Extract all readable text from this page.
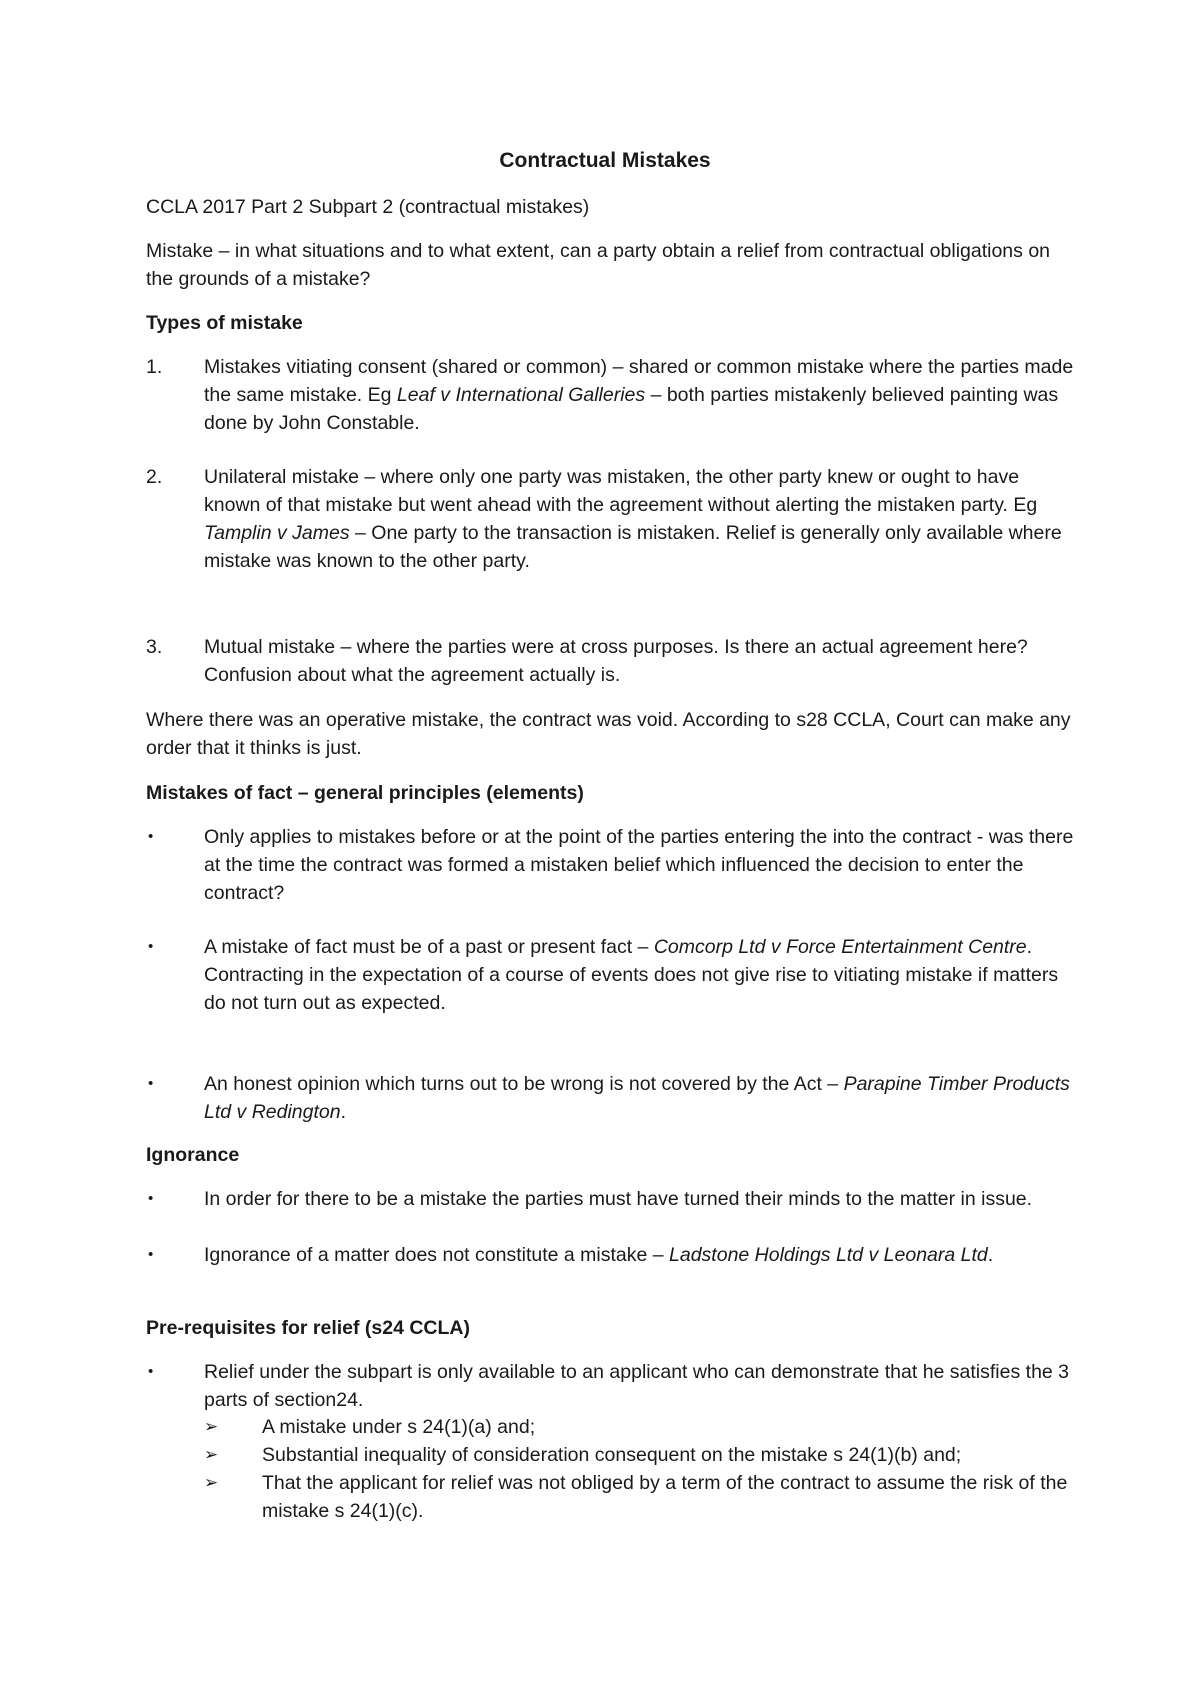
Contractual Mistakes
CCLA 2017 Part 2 Subpart 2 (contractual mistakes)
Mistake – in what situations and to what extent, can a party obtain a relief from contractual obligations on the grounds of a mistake?
Types of mistake
1.	Mistakes vitiating consent (shared or common) – shared or common mistake where the parties made the same mistake. Eg Leaf v International Galleries – both parties mistakenly believed painting was done by John Constable.
2.	Unilateral mistake – where only one party was mistaken, the other party knew or ought to have known of that mistake but went ahead with the agreement without alerting the mistaken party. Eg Tamplin v James – One party to the transaction is mistaken. Relief is generally only available where mistake was known to the other party.
3.	Mutual mistake – where the parties were at cross purposes. Is there an actual agreement here? Confusion about what the agreement actually is.
Where there was an operative mistake, the contract was void. According to s28 CCLA, Court can make any order that it thinks is just.
Mistakes of fact – general principles (elements)
•	Only applies to mistakes before or at the point of the parties entering the into the contract - was there at the time the contract was formed a mistaken belief which influenced the decision to enter the contract?
•	A mistake of fact must be of a past or present fact – Comcorp Ltd v Force Entertainment Centre. Contracting in the expectation of a course of events does not give rise to vitiating mistake if matters do not turn out as expected.
•	An honest opinion which turns out to be wrong is not covered by the Act – Parapine Timber Products Ltd v Redington.
Ignorance
•	In order for there to be a mistake the parties must have turned their minds to the matter in issue.
•	Ignorance of a matter does not constitute a mistake – Ladstone Holdings Ltd v Leonara Ltd.
Pre-requisites for relief (s24 CCLA)
•	Relief under the subpart is only available to an applicant who can demonstrate that he satisfies the 3 parts of section24.
➢	A mistake under s 24(1)(a) and;
➢	Substantial inequality of consideration consequent on the mistake s 24(1)(b) and;
➢	That the applicant for relief was not obliged by a term of the contract to assume the risk of the mistake s 24(1)(c).
